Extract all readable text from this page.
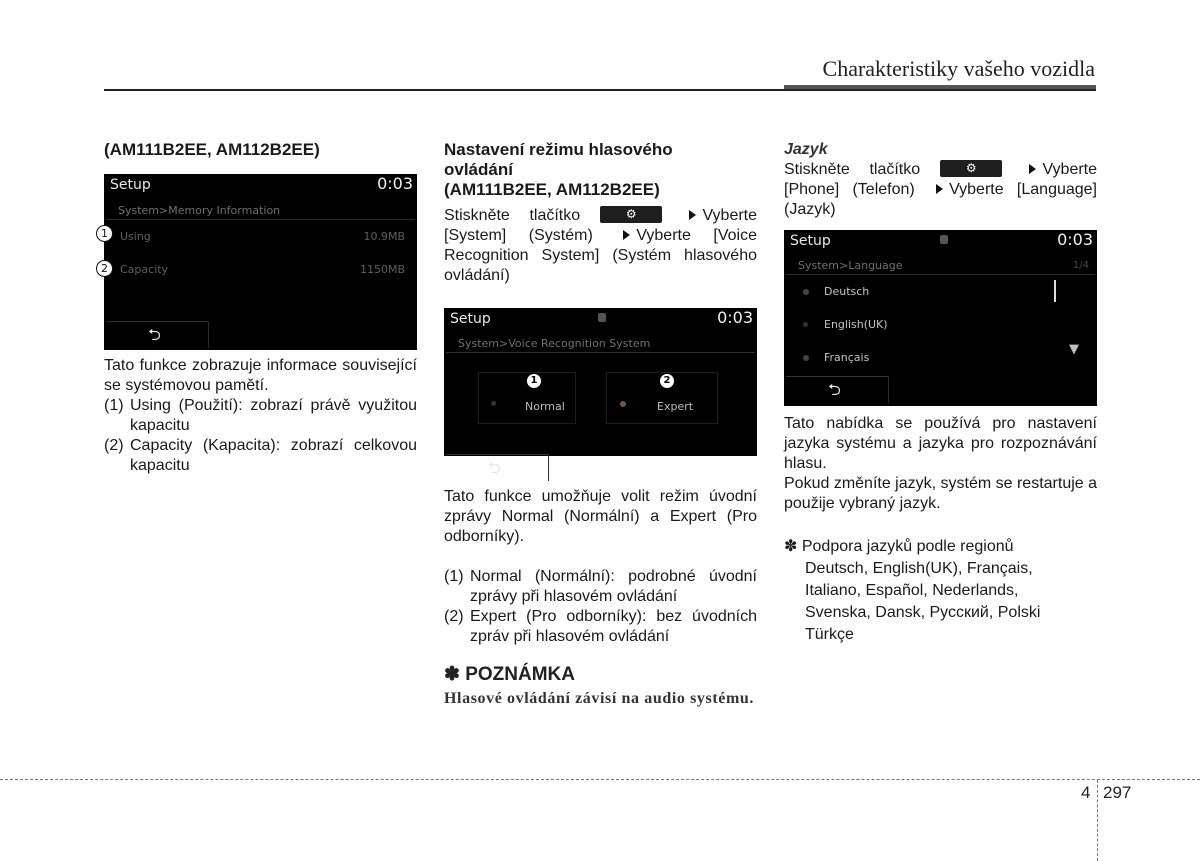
Charakteristiky vašeho vozidla
(AM111B2EE, AM112B2EE)
Setup	0:03
System>Memory Information
Using	10.9MB
Capacity	1150MB
⮌
1
2
Tato funkce zobrazuje informace související se systémovou pamětí.
(1) Using (Použití): zobrazí právě využitou kapacitu
(2) Capacity (Kapacita): zobrazí celkovou kapacitu
Nastavení režimu hlasového
ovládání
(AM111B2EE, AM112B2EE)
Stiskněte tlačítko	⚙	Vyberte [System] (Systém)	Vyberte [Voice Recognition System] (Systém hlasového ovládání)
Setup	0:03
System>Voice Recognition System
1
Normal
2
Expert
⮌
Tato funkce umožňuje volit režim úvodní zprávy Normal (Normální) a Expert (Pro odborníky).
(1) Normal (Normální): podrobné úvodní zprávy při hlasovém ovládání
(2) Expert (Pro odborníky): bez úvodních zpráv při hlasovém ovládání
✽ POZNÁMKA
Hlasové ovládání závisí na audio systému.
Jazyk
Stiskněte tlačítko	⚙	Vyberte [Phone] (Telefon) Vyberte [Language] (Jazyk)
Setup	0:03
System>Language	1/4
Deutsch
English(UK)
Français
▼
⮌
Tato nabídka se používá pro nastavení jazyka systému a jazyka pro rozpoznávání hlasu.
Pokud změníte jazyk, systém se restartuje a použije vybraný jazyk.
✽ Podpora jazyků podle regionů
Deutsch, English(UK), Français,
Italiano, Español, Nederlands,
Svenska, Dansk, Русский, Polski
Türkçe
4 297
